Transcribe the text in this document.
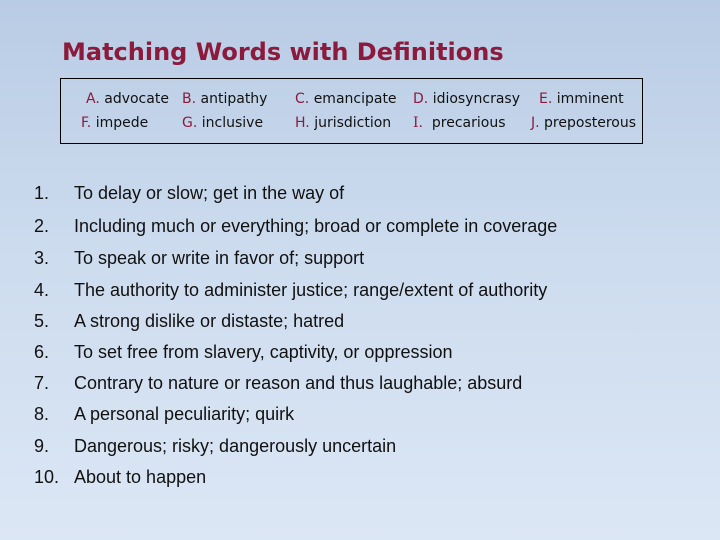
Matching Words with Definitions
A. advocate B. antipathy C. emancipate D. idiosyncrasy E. imminent
F. impede G. inclusive H. jurisdiction I. precarious J. preposterous
1. To delay or slow; get in the way of
2. Including much or everything; broad or complete in coverage
3. To speak or write in favor of; support
4. The authority to administer justice; range/extent of authority
5. A strong dislike or distaste; hatred
6. To set free from slavery, captivity, or oppression
7. Contrary to nature or reason and thus laughable; absurd
8. A personal peculiarity; quirk
9. Dangerous; risky; dangerously uncertain
10. About to happen
